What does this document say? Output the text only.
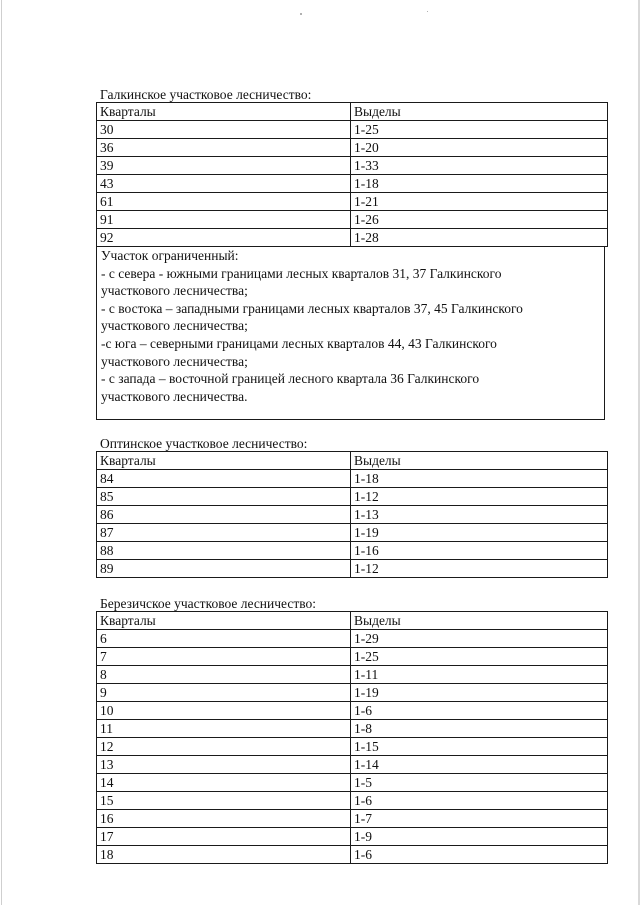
Галкинское участковое лесничество:
Кварталы	Выделы
30	1-25
36	1-20
39	1-33
43	1-18
61	1-21
91	1-26
92	1-28
Участок ограниченный:
- с севера - южными границами лесных кварталов 31, 37 Галкинского
участкового лесничества;
- с востока – западными границами лесных кварталов 37, 45 Галкинского
участкового лесничества;
-с юга – северными границами лесных кварталов 44, 43 Галкинского
участкового лесничества;
- с запада – восточной границей лесного квартала 36 Галкинского
участкового лесничества.
Оптинское участковое лесничество:
Кварталы	Выделы
84	1-18
85	1-12
86	1-13
87	1-19
88	1-16
89	1-12
Березичское участковое лесничество:
Кварталы	Выделы
6	1-29
7	1-25
8	1-11
9	1-19
10	1-6
11	1-8
12	1-15
13	1-14
14	1-5
15	1-6
16	1-7
17	1-9
18	1-6
